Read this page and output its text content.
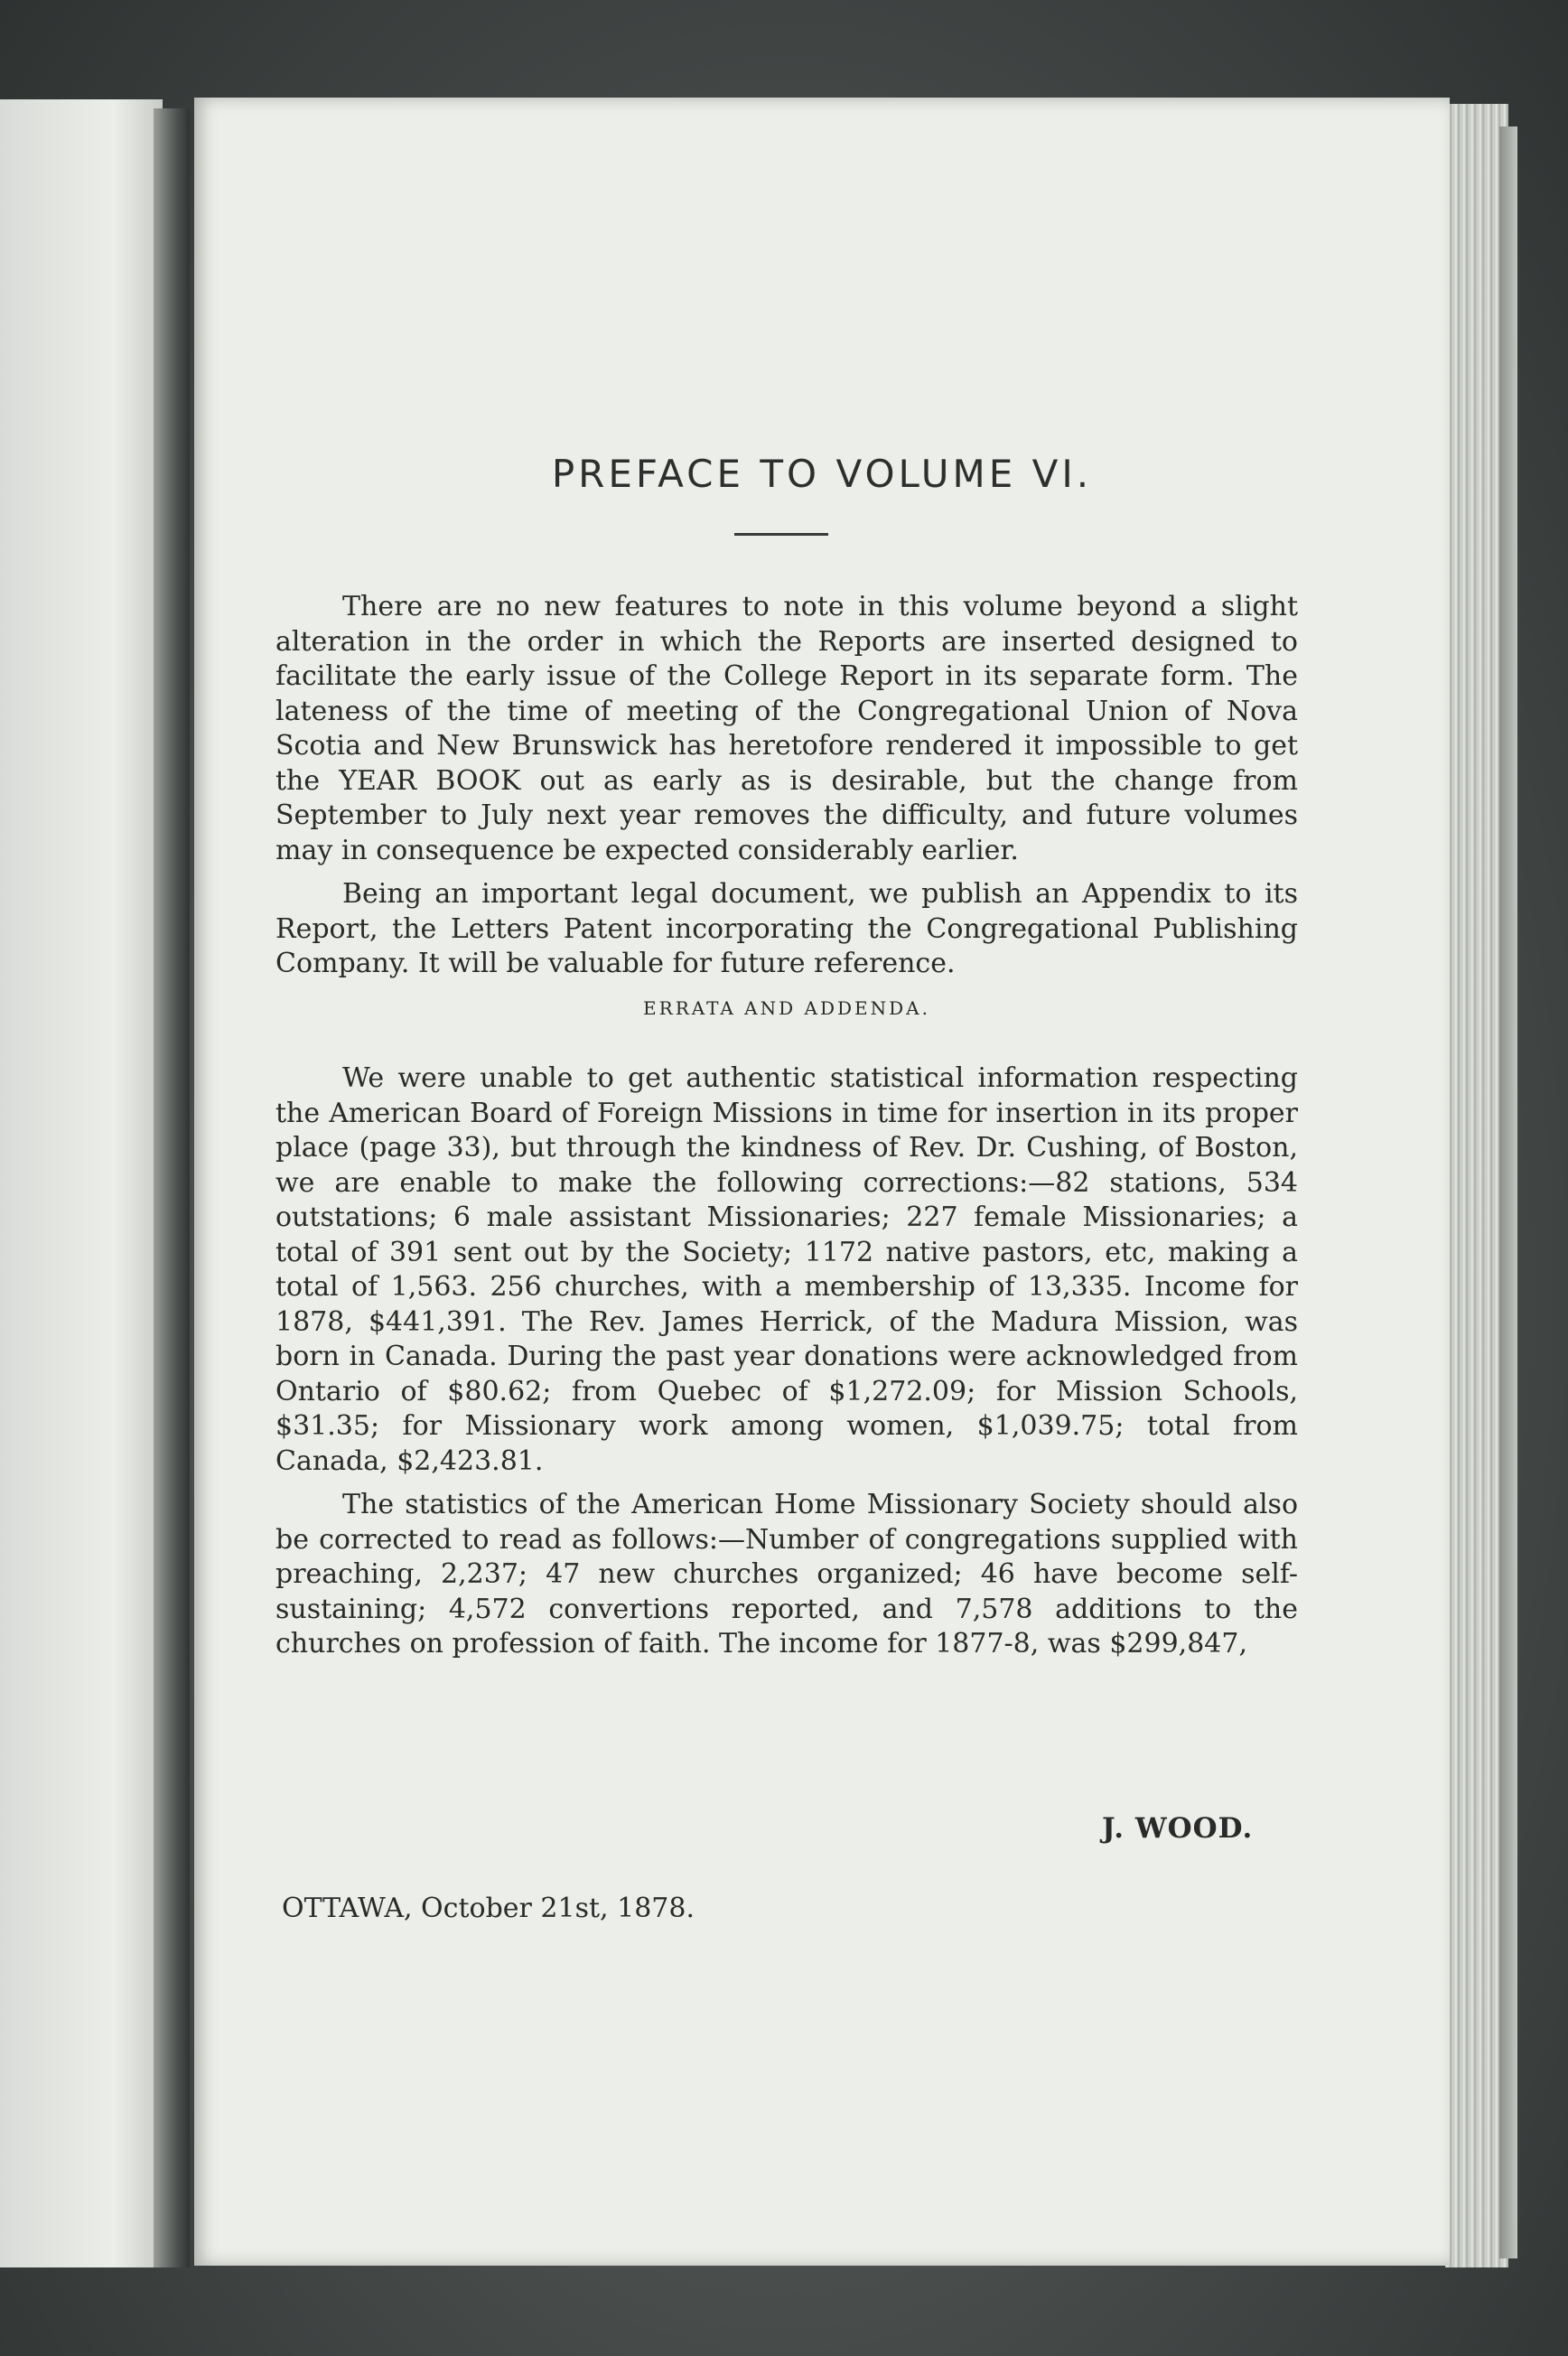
PREFACE TO VOLUME VI.

There are no new features to note in this volume beyond a slight alteration in the order in which the Reports are inserted designed to facilitate the early issue of the College Report in its separate form. The lateness of the time of meeting of the Congregational Union of Nova Scotia and New Brunswick has heretofore rendered it impossible to get the YEAR BOOK out as early as is desirable, but the change from September to July next year removes the difficulty, and future volumes may in consequence be expected considerably earlier.

Being an important legal document, we publish an Appendix to its Report, the Letters Patent incorporating the Congregational Publishing Company. It will be valuable for future reference.

ERRATA AND ADDENDA.

We were unable to get authentic statistical information respecting the American Board of Foreign Missions in time for insertion in its proper place (page 33), but through the kindness of Rev. Dr. Cushing, of Boston, we are enable to make the following corrections:—82 stations, 534 outstations; 6 male assistant Missionaries; 227 female Missionaries; a total of 391 sent out by the Society; 1172 native pastors, etc, making a total of 1,563. 256 churches, with a membership of 13,335. Income for 1878, $441,391. The Rev. James Herrick, of the Madura Mission, was born in Canada. During the past year donations were acknowledged from Ontario of $80.62; from Quebec of $1,272.09; for Mission Schools, $31.35; for Missionary work among women, $1,039.75; total from Canada, $2,423.81.

The statistics of the American Home Missionary Society should also be corrected to read as follows:—Number of congregations supplied with preaching, 2,237; 47 new churches organized; 46 have become self-sustaining; 4,572 convertions reported, and 7,578 additions to the churches on profession of faith. The income for 1877-8, was $299,847,

J. WOOD.
OTTAWA, October 21st, 1878.
